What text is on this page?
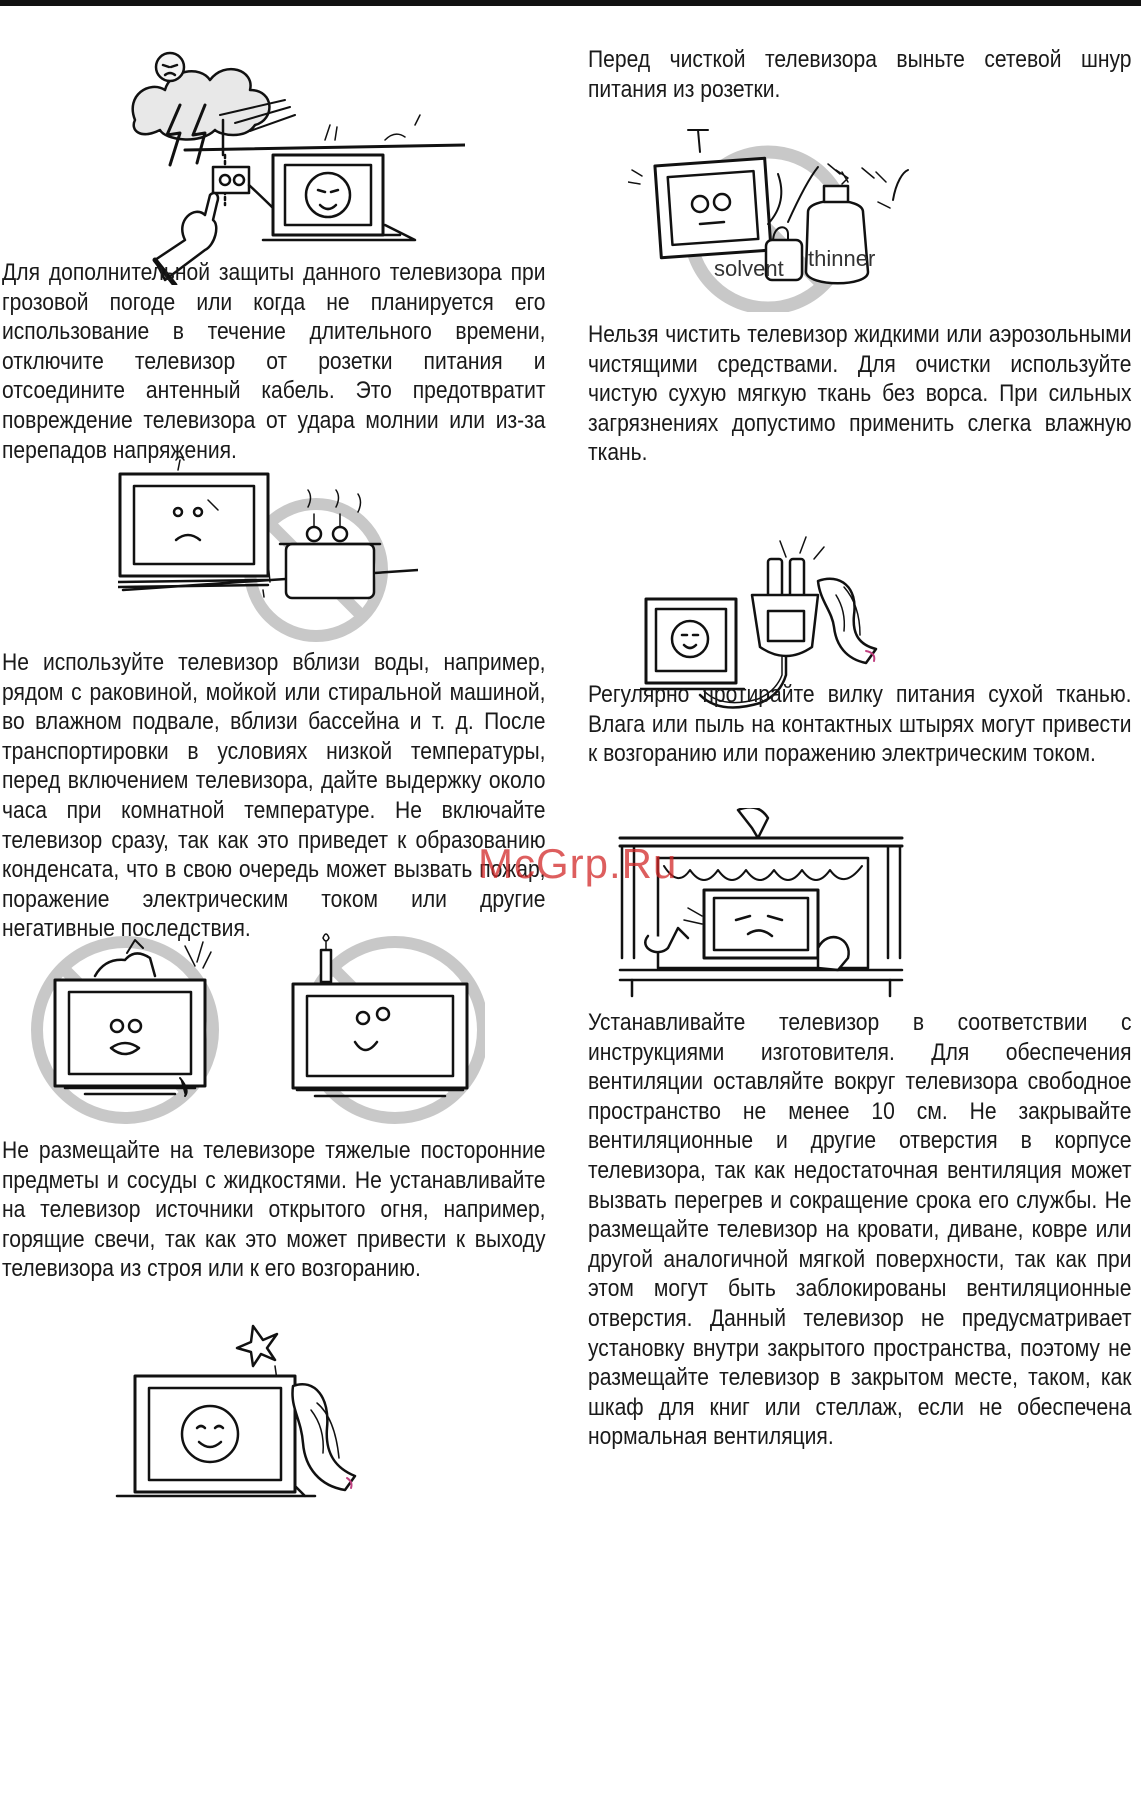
Для дополнительной защиты данного телевизора при грозовой погоде или когда не планируется его использование в течение длительного времени, отключите телевизор от розетки питания и отсоедините антенный кабель. Это предотвратит повреждение телевизора от удара молнии или из-за перепадов напряжения.

Не используйте телевизор вблизи воды, например, рядом с раковиной, мойкой или стиральной машиной, во влажном подвале, вблизи бассейна и т. д. После транспортировки в условиях низкой температуры, перед включением телевизора, дайте выдержку около часа при комнатной температуре. Не включайте телевизор сразу, так как это приведет к образованию конденсата, что в свою очередь может вызвать пожар, поражение электрическим током или другие негативные последствия.

Не размещайте на телевизоре тяжелые посторонние предметы и сосуды с жидкостями. Не устанавливайте на телевизор источники открытого огня, например, горящие свечи, так как это может привести к выходу телевизора из строя или к его возгоранию.

Перед чисткой телевизора выньте сетевой шнур питания из розетки.

solvent thinner

Нельзя чистить телевизор жидкими или аэрозольными чистящими средствами. Для очистки используйте чистую сухую мягкую ткань без ворса. При сильных загрязнениях допустимо применить слегка влажную ткань.

Регулярно протирайте вилку питания сухой тканью. Влага или пыль на контактных штырях могут привести к возгоранию или поражению электрическим током.

Устанавливайте телевизор в соответствии с инструкциями изготовителя. Для обеспечения вентиляции оставляйте вокруг телевизора свободное пространство не менее 10 см. Не закрывайте вентиляционные и другие отверстия в корпусе телевизора, так как недостаточная вентиляция может вызвать перегрев и сокращение срока его службы. Не размещайте телевизор на кровати, диване, ковре или другой аналогичной мягкой поверхности, так как при этом могут быть заблокированы вентиляционные отверстия. Данный телевизор не предусматривает установку внутри закрытого пространства, поэтому не размещайте телевизор в закрытом месте, таком, как шкаф для книг или стеллаж, если не обеспечена нормальная вентиляция.

McGrp.Ru
